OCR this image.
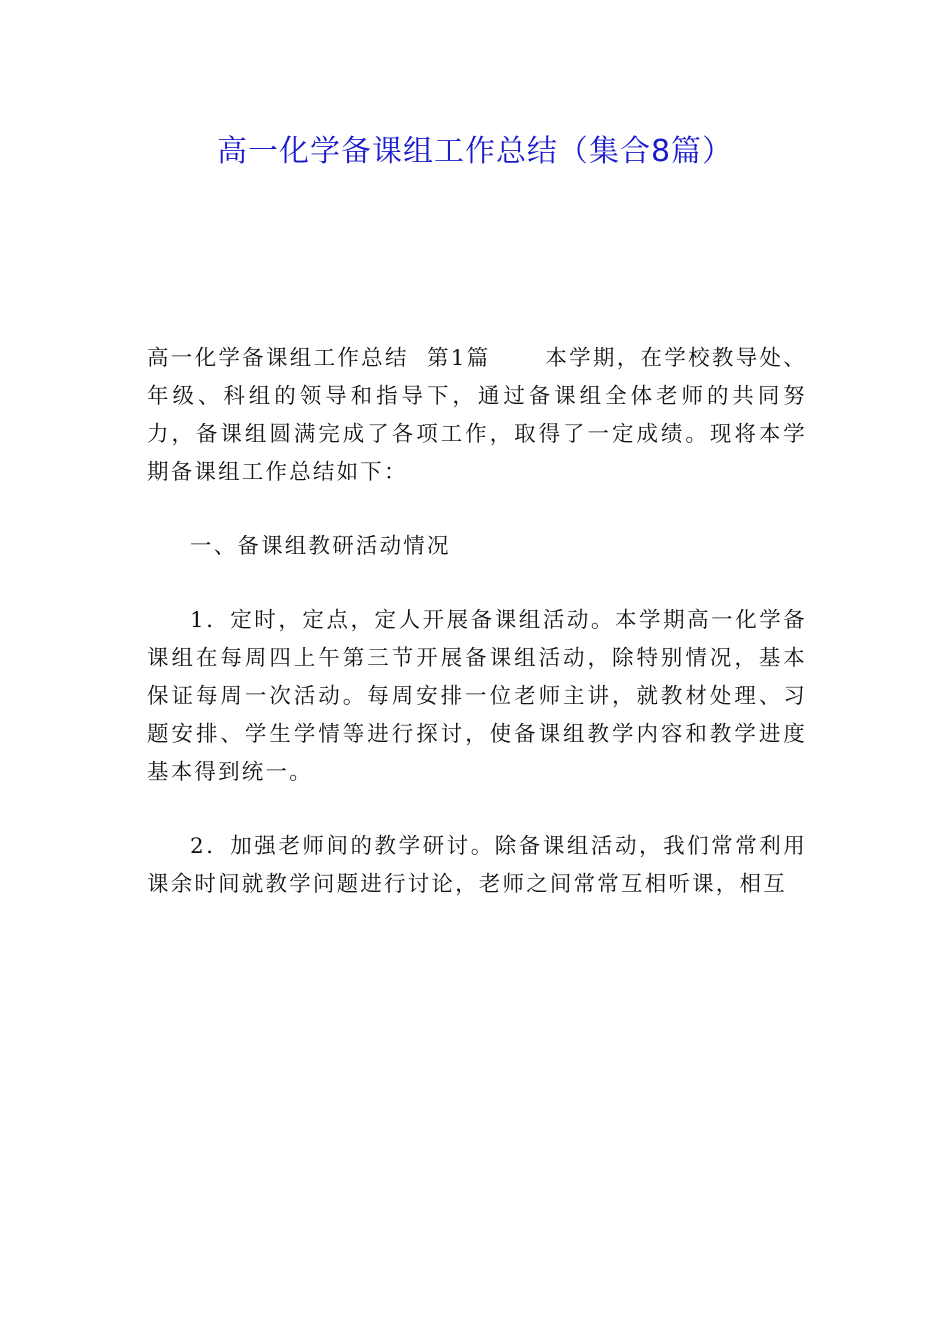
高一化学备课组工作总结（集合8篇）

高一化学备课组工作总结  第1篇      本学期，在学校教导处、年级、科组的领导和指导下，通过备课组全体老师的共同努力，备课组圆满完成了各项工作，取得了一定成绩。现将本学期备课组工作总结如下：

一、备课组教研活动情况

1．定时，定点，定人开展备课组活动。本学期高一化学备课组在每周四上午第三节开展备课组活动，除特别情况，基本保证每周一次活动。每周安排一位老师主讲，就教材处理、习题安排、学生学情等进行探讨，使备课组教学内容和教学进度基本得到统一。

2．加强老师间的教学研讨。除备课组活动，我们常常利用课余时间就教学问题进行讨论，老师之间常常互相听课，相互
